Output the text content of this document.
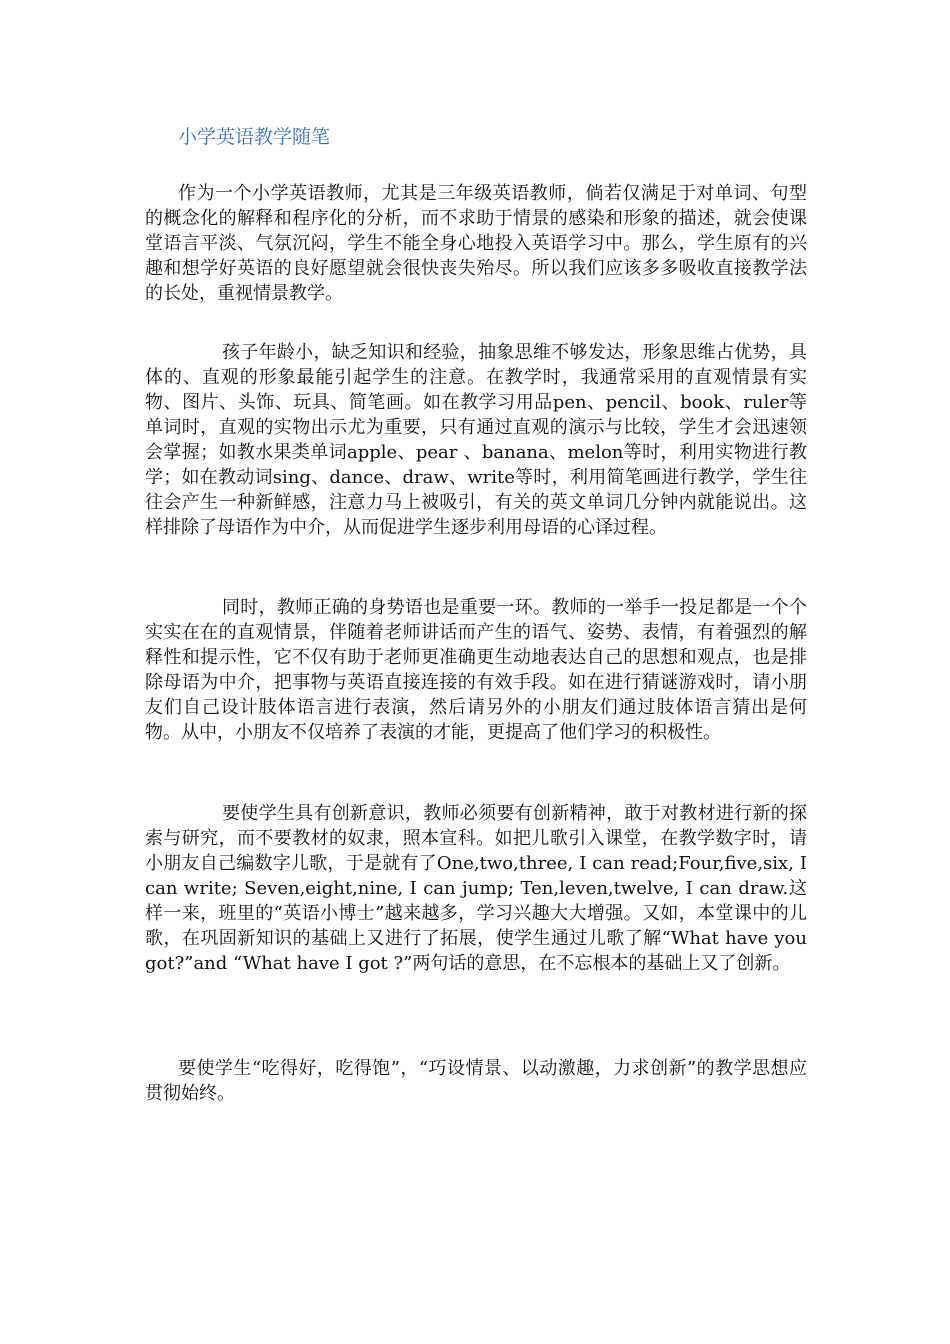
小学英语教学随笔

作为一个小学英语教师，尤其是三年级英语教师，倘若仅满足于对单词、句型的概念化的解释和程序化的分析，而不求助于情景的感染和形象的描述，就会使课堂语言平淡、气氛沉闷，学生不能全身心地投入英语学习中。那么，学生原有的兴趣和想学好英语的良好愿望就会很快丧失殆尽。所以我们应该多多吸收直接教学法的长处，重视情景教学。

孩子年龄小，缺乏知识和经验，抽象思维不够发达，形象思维占优势，具体的、直观的形象最能引起学生的注意。在教学时，我通常采用的直观情景有实物、图片、头饰、玩具、简笔画。如在教学习用品pen、pencil、book、ruler等单词时，直观的实物出示尤为重要，只有通过直观的演示与比较，学生才会迅速领会掌握；如教水果类单词apple、pear 、banana、melon等时，利用实物进行教学；如在教动词sing、dance、draw、write等时，利用简笔画进行教学，学生往往会产生一种新鲜感，注意力马上被吸引，有关的英文单词几分钟内就能说出。这样排除了母语作为中介，从而促进学生逐步利用母语的心译过程。

同时，教师正确的身势语也是重要一环。教师的一举手一投足都是一个个实实在在的直观情景，伴随着老师讲话而产生的语气、姿势、表情，有着强烈的解释性和提示性，它不仅有助于老师更准确更生动地表达自己的思想和观点，也是排除母语为中介，把事物与英语直接连接的有效手段。如在进行猜谜游戏时，请小朋友们自己设计肢体语言进行表演，然后请另外的小朋友们通过肢体语言猜出是何物。从中，小朋友不仅培养了表演的才能，更提高了他们学习的积极性。

要使学生具有创新意识，教师必须要有创新精神，敢于对教材进行新的探索与研究，而不要教材的奴隶，照本宣科。如把儿歌引入课堂，在教学数字时，请小朋友自己编数字儿歌，于是就有了One,two,three, I can read;Four,five,six, I can write; Seven,eight,nine, I can jump; Ten,leven,twelve, I can draw.这样一来，班里的“英语小博士”越来越多，学习兴趣大大增强。又如，本堂课中的儿歌，在巩固新知识的基础上又进行了拓展，使学生通过儿歌了解“What have you got?”and “What have I got ?”两句话的意思，在不忘根本的基础上又了创新。

要使学生“吃得好，吃得饱”，“巧设情景、以动激趣，力求创新”的教学思想应贯彻始终。
